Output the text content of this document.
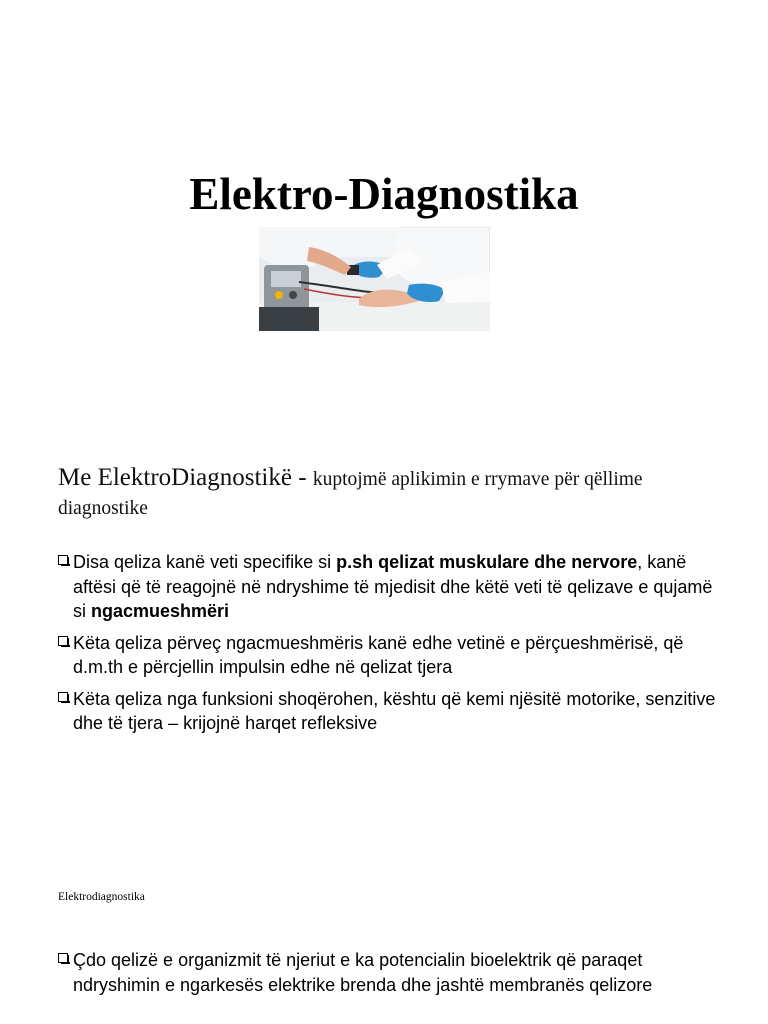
Elektro-Diagnostika
Me ElektroDiagnostikë - kuptojmë aplikimin e rrymave për qëllime diagnostike
Disa qeliza kanë veti specifike si p.sh qelizat muskulare dhe nervore, kanë aftësi që të reagojnë në ndryshime të mjedisit dhe këtë veti të qelizave e qujamë si ngacmueshmëri
Këta qeliza përveç ngacmueshmëris kanë edhe vetinë e përçueshmërisë, që d.m.th e përcjellin impulsin edhe në qelizat tjera
Këta qeliza nga funksioni shoqërohen, kështu që kemi njësitë motorike, senzitive dhe të tjera – krijojnë harqet refleksive
Elektrodiagnostika
Çdo qelizë e organizmit të njeriut e ka potencialin bioelektrik që paraqet ndryshimin e ngarkesës elektrike brenda dhe jashtë membranës qelizore
